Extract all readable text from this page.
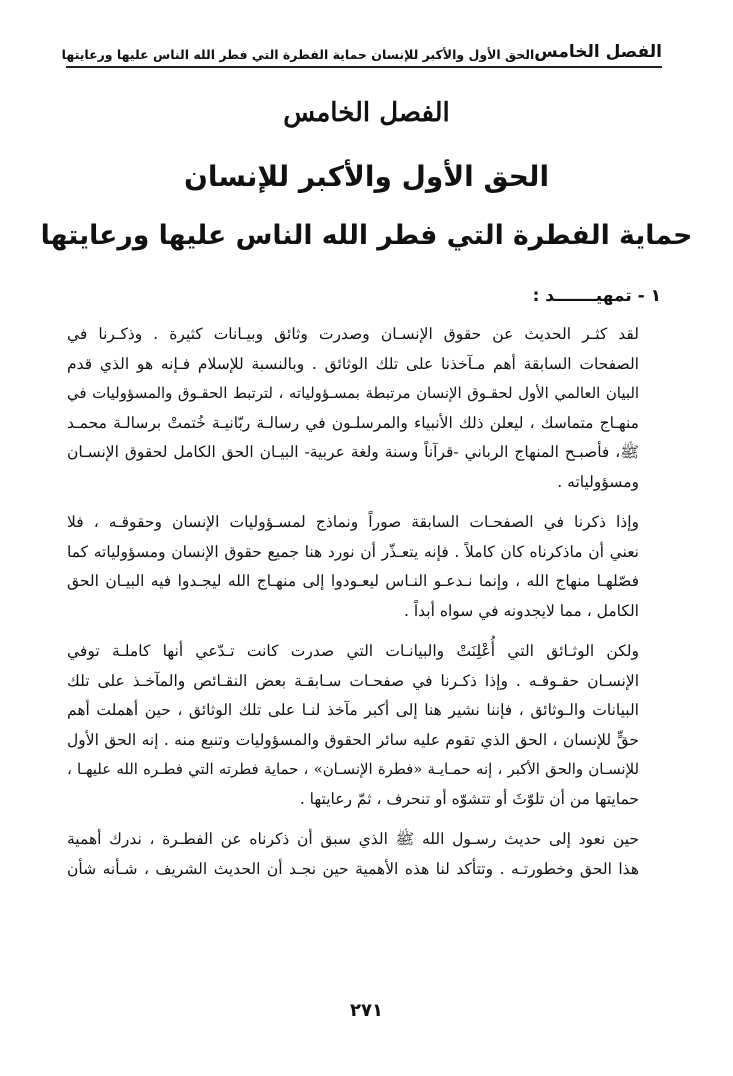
الفصل الخامس
الحق الأول والأكبر للإنسان حماية الفطرة التي فطر الله الناس عليها ورعايتها
الفصل الخامس
الحق الأول والأكبر للإنسان
حماية الفطرة التي فطر الله الناس عليها ورعايتها
١ - تمهيـــــــد :

لقد كثـر الحديث عن حقوق الإنسـان وصدرت وثائق وبيـانات كثيرة . وذكـرنا في
الصفحات السابقة أهم مـآخذنا على تلك الوثائق . وبالنسبة للإسلام فـإنه هو الذي قدم
البيان العالمي الأول لحقـوق الإنسان مرتبطة بمسـؤولياته ، لترتبط الحقـوق والمسؤوليات في
منهـاج متماسك ، ليعلن ذلك الأنبياء والمرسلـون في رسالـة ربّانيـة خُتمتْ برسالـة محمـد
ﷺ، فأصبـح المنهاج الرباني -قرآناً وسنة ولغة عربية- البيـان الحق الكامل لحقوق الإنسـان
ومسؤولياته .

وإذا ذكرنا في الصفحـات السابقة صوراً ونماذج لمسـؤوليات الإنسان وحقوقـه ، فلا
نعني أن ماذكرناه كان كاملاً . فإنه يتعـذّر أن نورد هنا جميع حقوق الإنسان ومسؤولياته كما
فصّلهـا منهاج الله ، وإنما نـدعـو النـاس ليعـودوا إلى منهـاج الله ليجـدوا فيه البيـان الحق
الكامل ، مما لايجدونه في سواه أبداً .

ولكن الوثـائق التي أُعْلِنَتْ والبيانـات التي صدرت كانت تـدّعي أنها كاملـة توفي
الإنسـان حقـوقـه . وإذا ذكـرنا في صفحـات سـابقـة بعض النقـائص والمآخـذ على تلك
البيانات والـوثائق ، فإننا نشير هنا إلى أكبر مآخذ لنـا على تلك الوثائق ، حين أهملت أهم
حقٍّ للإنسان ، الحق الذي تقوم عليه سائر الحقوق والمسؤوليات وتنبع منه . إنه الحق الأول
للإنسـان والحق الأكبر ، إنه حمـايـة «فطرة الإنسـان» ، حماية فطرته التي فطـره الله عليهـا ،
حمايتها من أن تلوّثَ أو تتشوّه أو تنحرف ، ثمّ رعايتها .

حين نعود إلى حديث رسـول الله ﷺ الذي سبق أن ذكرناه عن الفطـرة ، ندرك أهمية
هذا الحق وخطورتـه . وتتأكد لنا هذه الأهمية حين نجـد أن الحديث الشريف ، شـأنه شأن

٢٧١
